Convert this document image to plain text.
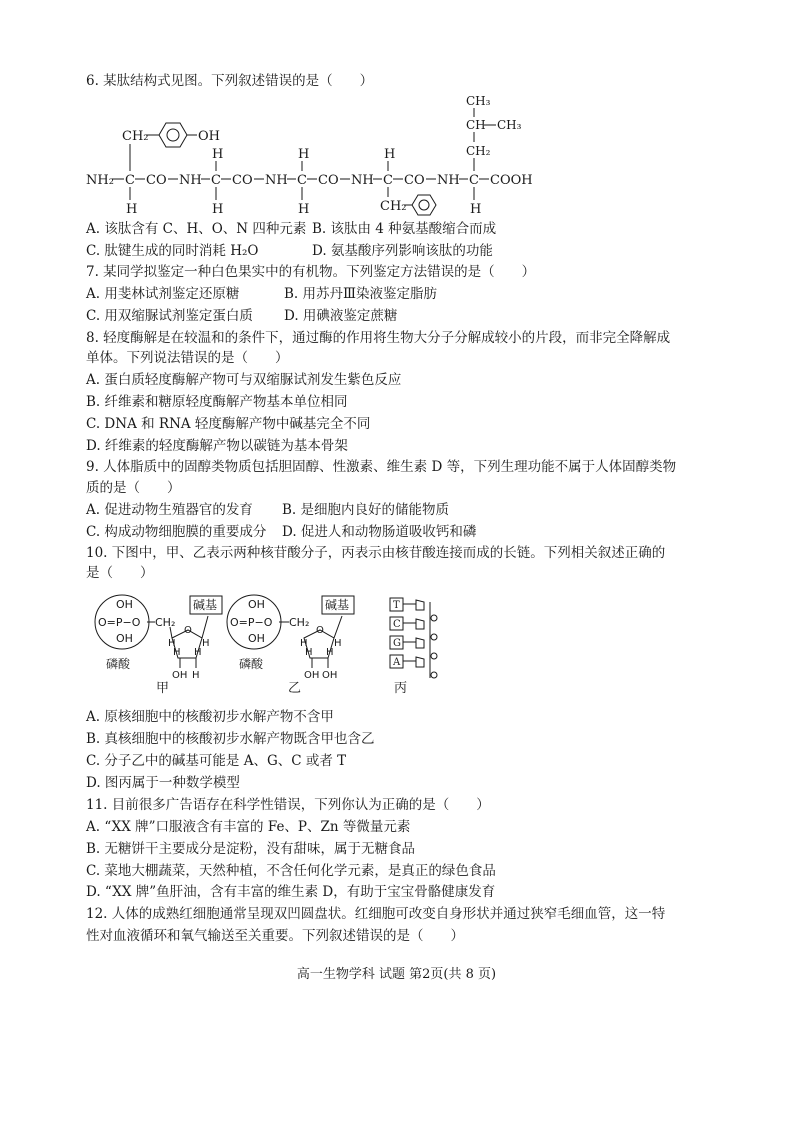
6. 某肽结构式见图。下列叙述错误的是（　　）
NH₂ C CO NH C CO NH C CO NH C CO NH C COOH
CH₂	OH
H
H
H
H
H
H
CH₂
CH₃
CH CH₃
CH₂
H
A. 该肽含有 C、H、O、N 四种元素 B. 该肽由 4 种氨基酸缩合而成
C. 肽键生成的同时消耗 H₂O	D. 氨基酸序列影响该肽的功能
7. 某同学拟鉴定一种白色果实中的有机物。下列鉴定方法错误的是（　　）
A. 用斐林试剂鉴定还原糖	B. 用苏丹Ⅲ染液鉴定脂肪
C. 用双缩脲试剂鉴定蛋白质 D. 用碘液鉴定蔗糖
8. 轻度酶解是在较温和的条件下，通过酶的作用将生物大分子分解成较小的片段，而非完全降解成
单体。下列说法错误的是（　　）
A. 蛋白质轻度酶解产物可与双缩脲试剂发生紫色反应
B. 纤维素和糖原轻度酶解产物基本单位相同
C. DNA 和 RNA 轻度酶解产物中碱基完全不同
D. 纤维素的轻度酶解产物以碳链为基本骨架
9. 人体脂质中的固醇类物质包括胆固醇、性激素、维生素 D 等，下列生理功能不属于人体固醇类物
质的是（　　）
A. 促进动物生殖器官的发育 B. 是细胞内良好的储能物质
C. 构成动物细胞膜的重要成分 D. 促进人和动物肠道吸收钙和磷
10. 下图中，甲、乙表示两种核苷酸分子，丙表示由核苷酸连接而成的长链。下列相关叙述正确的
是（　　）
OH
O=P−O
OH
CH₂
O
H	H
H H
OH H
碱基
磷酸
甲
OH
O=P−O
OH
CH₂
O
H	H
H H
OH OH
碱基
磷酸
乙
T
C
G
A
丙
A. 原核细胞中的核酸初步水解产物不含甲
B. 真核细胞中的核酸初步水解产物既含甲也含乙
C. 分子乙中的碱基可能是 A、G、C 或者 T
D. 图丙属于一种数学模型
11. 目前很多广告语存在科学性错误，下列你认为正确的是（　　）
A. “XX 牌”口服液含有丰富的 Fe、P、Zn 等微量元素
B. 无糖饼干主要成分是淀粉，没有甜味，属于无糖食品
C. 菜地大棚蔬菜，天然种植，不含任何化学元素，是真正的绿色食品
D. “XX 牌”鱼肝油，含有丰富的维生素 D，有助于宝宝骨骼健康发育
12. 人体的成熟红细胞通常呈现双凹圆盘状。红细胞可改变自身形状并通过狭窄毛细血管，这一特
性对血液循环和氧气输送至关重要。下列叙述错误的是（　　）
高一生物学科 试题 第2页(共 8 页)
